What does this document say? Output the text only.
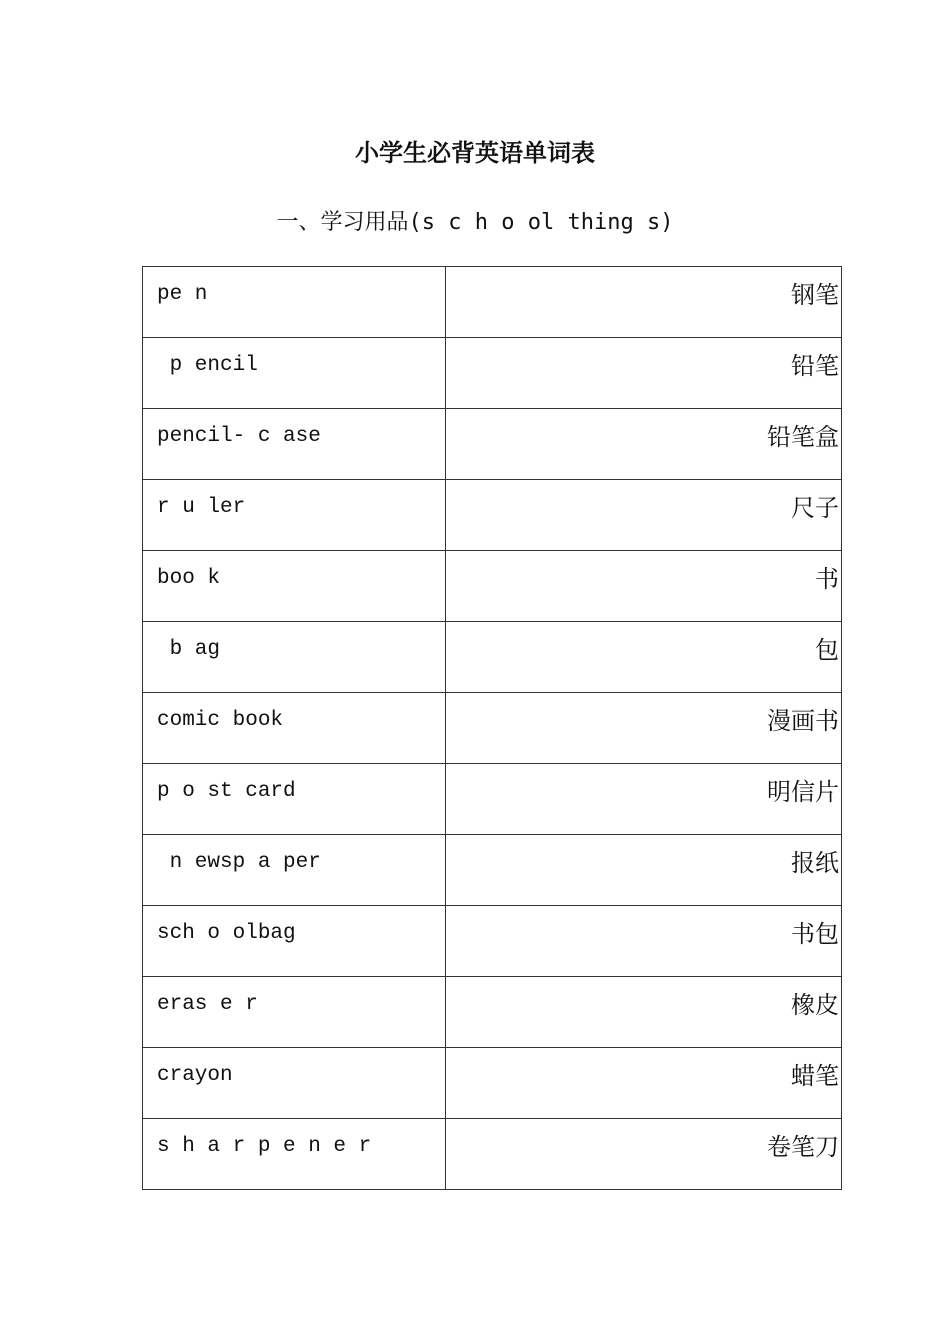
小学生必背英语单词表
一、学习用品(s c h o ol thing s)
pe n	钢笔

p encil	铅笔

pencil- c ase	铅笔盒

r u ler	尺子

boo k	书

b ag	包

comic book	漫画书

p o st card	明信片

n ewsp a per	报纸

sch o olbag	书包

eras e r	橡皮

crayon	蜡笔

s h a r p e n e r	卷笔刀
